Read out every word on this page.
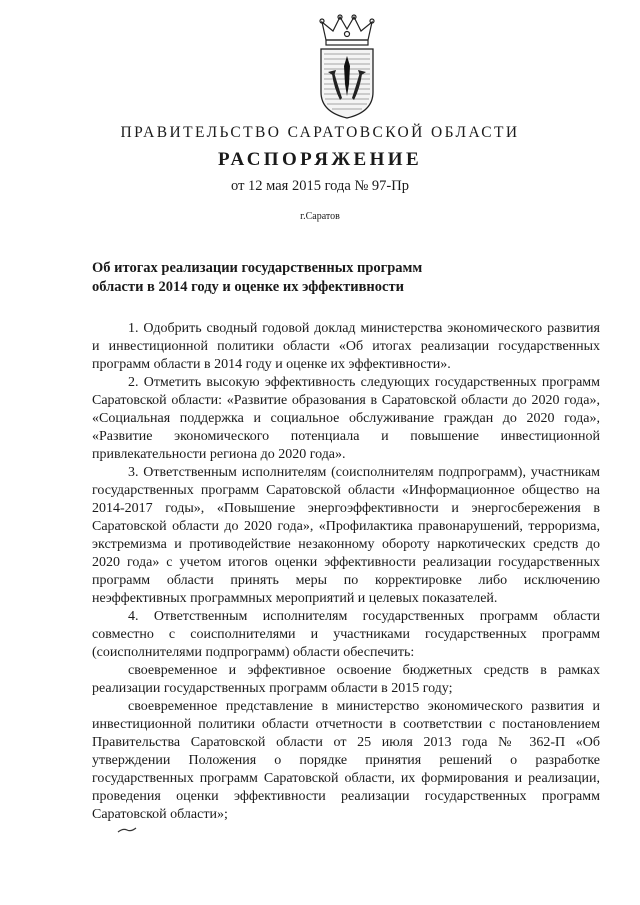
ПРАВИТЕЛЬСТВО САРАТОВСКОЙ ОБЛАСТИ
РАСПОРЯЖЕНИЕ
от 12 мая 2015 года № 97-Пр
г.Саратов
Об итогах реализации государственных программ
области в 2014 году и оценке их эффективности

1. Одобрить сводный годовой доклад министерства экономического развития и инвестиционной политики области «Об итогах реализации государственных программ области в 2014 году и оценке их эффективности».

2. Отметить высокую эффективность следующих государственных программ Саратовской области: «Развитие образования в Саратовской области до 2020 года», «Социальная поддержка и социальное обслуживание граждан до 2020 года», «Развитие экономического потенциала и повышение инвестиционной привлекательности региона до 2020 года».

3. Ответственным исполнителям (соисполнителям подпрограмм), участникам государственных программ Саратовской области «Информационное общество на 2014-2017 годы», «Повышение энергоэффективности и энергосбережения в Саратовской области до 2020 года», «Профилактика правонарушений, терроризма, экстремизма и противодействие незаконному обороту наркотических средств до 2020 года» с учетом итогов оценки эффективности реализации государственных программ области принять меры по корректировке либо исключению неэффективных программных мероприятий и целевых показателей.

4. Ответственным исполнителям государственных программ области совместно с соисполнителями и участниками государственных программ (соисполнителями подпрограмм) области обеспечить:

своевременное и эффективное освоение бюджетных средств в рамках реализации государственных программ области в 2015 году;

своевременное представление в министерство экономического развития и инвестиционной политики области отчетности в соответствии с постановлением Правительства Саратовской области от 25 июля 2013 года № 362-П «Об утверждении Положения о порядке принятия решений о разработке государственных программ Саратовской области, их формирования и реализации, проведения оценки эффективности реализации государственных программ Саратовской области»;
